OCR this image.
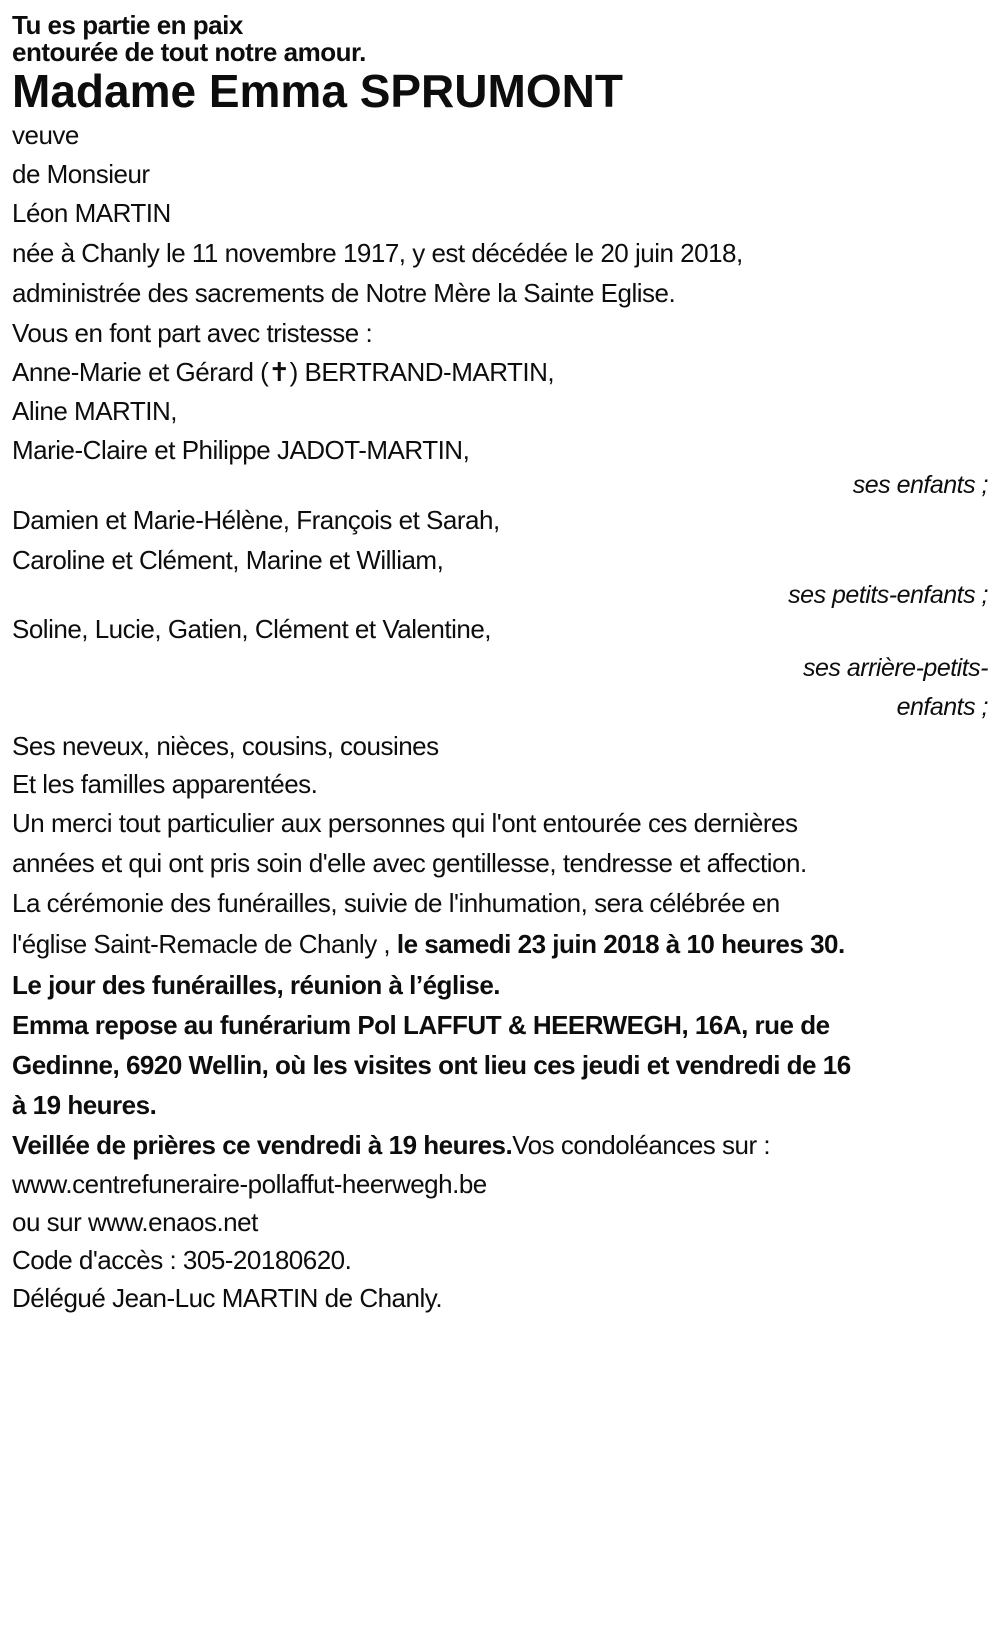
Tu es partie en paix

entourée de tout notre amour.

Madame Emma SPRUMONT
veuve
de Monsieur
Léon MARTIN
née à Chanly le 11 novembre 1917, y est décédée le 20 juin 2018,
administrée des sacrements de Notre Mère la Sainte Eglise.

Vous en font part avec tristesse :

Anne-Marie et Gérard (✝) BERTRAND-MARTIN,
Aline MARTIN,
Marie-Claire et Philippe JADOT-MARTIN,

ses enfants ;

Damien et Marie-Hélène, François et Sarah,
Caroline et Clément, Marine et William,

ses petits-enfants ;

Soline, Lucie, Gatien, Clément et Valentine,
ses arrière-petits-
enfants ;
Ses neveux, nièces, cousins, cousines
Et les familles apparentées.
Un merci tout particulier aux personnes qui l'ont entourée ces dernières
années et qui ont pris soin d'elle avec gentillesse, tendresse et affection.
La cérémonie des funérailles, suivie de l'inhumation, sera célébrée en
l'église Saint-Remacle de Chanly , le samedi 23 juin 2018 à 10 heures 30.

Le jour des funérailles, réunion à l’église.

Emma repose au funérarium Pol LAFFUT & HEERWEGH, 16A, rue de
Gedinne, 6920 Wellin, où les visites ont lieu ces jeudi et vendredi de 16
à 19 heures.

Veillée de prières ce vendredi à 19 heures.Vos condoléances sur :

www.centrefuneraire-pollaffut-heerwegh.be

ou sur www.enaos.net

Code d'accès : 305-20180620.

Délégué Jean-Luc MARTIN de Chanly.
